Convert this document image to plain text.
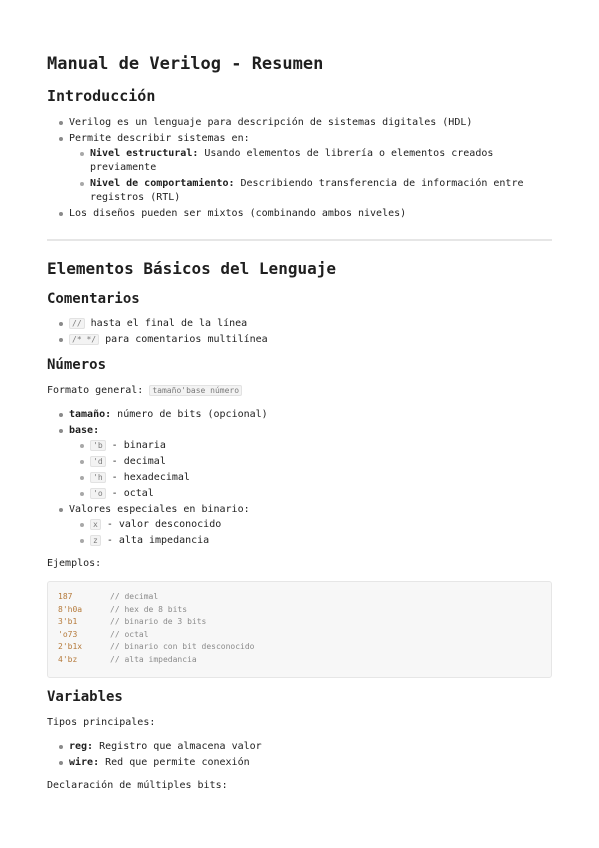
Manual de Verilog - Resumen
Introducción
Verilog es un lenguaje para descripción de sistemas digitales (HDL)
Permite describir sistemas en:
Nivel estructural: Usando elementos de librería o elementos creados previamente
Nivel de comportamiento: Describiendo transferencia de información entre registros (RTL)
Los diseños pueden ser mixtos (combinando ambos niveles)
Elementos Básicos del Lenguaje
Comentarios
// hasta el final de la línea
/* */ para comentarios multilínea
Números

Formato general: tamaño'base número

tamaño: número de bits (opcional)
base:
'b - binaria
'd - decimal
'h - hexadecimal
'o - octal
Valores especiales en binario:
x - valor desconocido
z - alta impedancia

Ejemplos:

187	// decimal
8'h0a	// hex de 8 bits
3'b1	// binario de 3 bits
'o73	// octal
2'b1x	// binario con bit desconocido
4'bz	// alta impedancia
Variables

Tipos principales:

reg: Registro que almacena valor
wire: Red que permite conexión

Declaración de múltiples bits:
